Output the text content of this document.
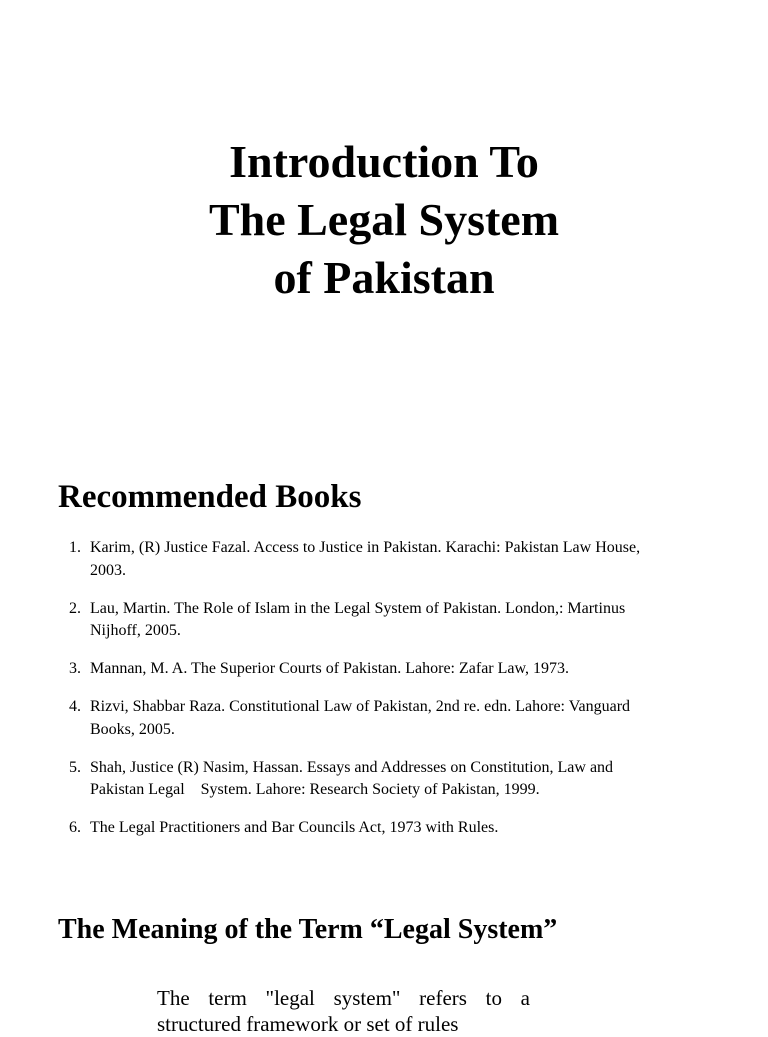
Introduction To
The Legal System
of Pakistan
Recommended Books
1. Karim, (R) Justice Fazal. Access to Justice in Pakistan. Karachi: Pakistan Law House, 2003.
2. Lau, Martin. The Role of Islam in the Legal System of Pakistan. London,: Martinus Nijhoff, 2005.
3. Mannan, M. A. The Superior Courts of Pakistan. Lahore: Zafar Law, 1973.
4. Rizvi, Shabbar Raza. Constitutional Law of Pakistan, 2nd re. edn. Lahore: Vanguard Books, 2005.
5. Shah, Justice (R) Nasim, Hassan. Essays and Addresses on Constitution, Law and Pakistan Legal    System. Lahore: Research Society of Pakistan, 1999.
6. The Legal Practitioners and Bar Councils Act, 1973 with Rules.
The Meaning of the Term “Legal System”

The term "legal system" refers to a structured framework or set of rules
